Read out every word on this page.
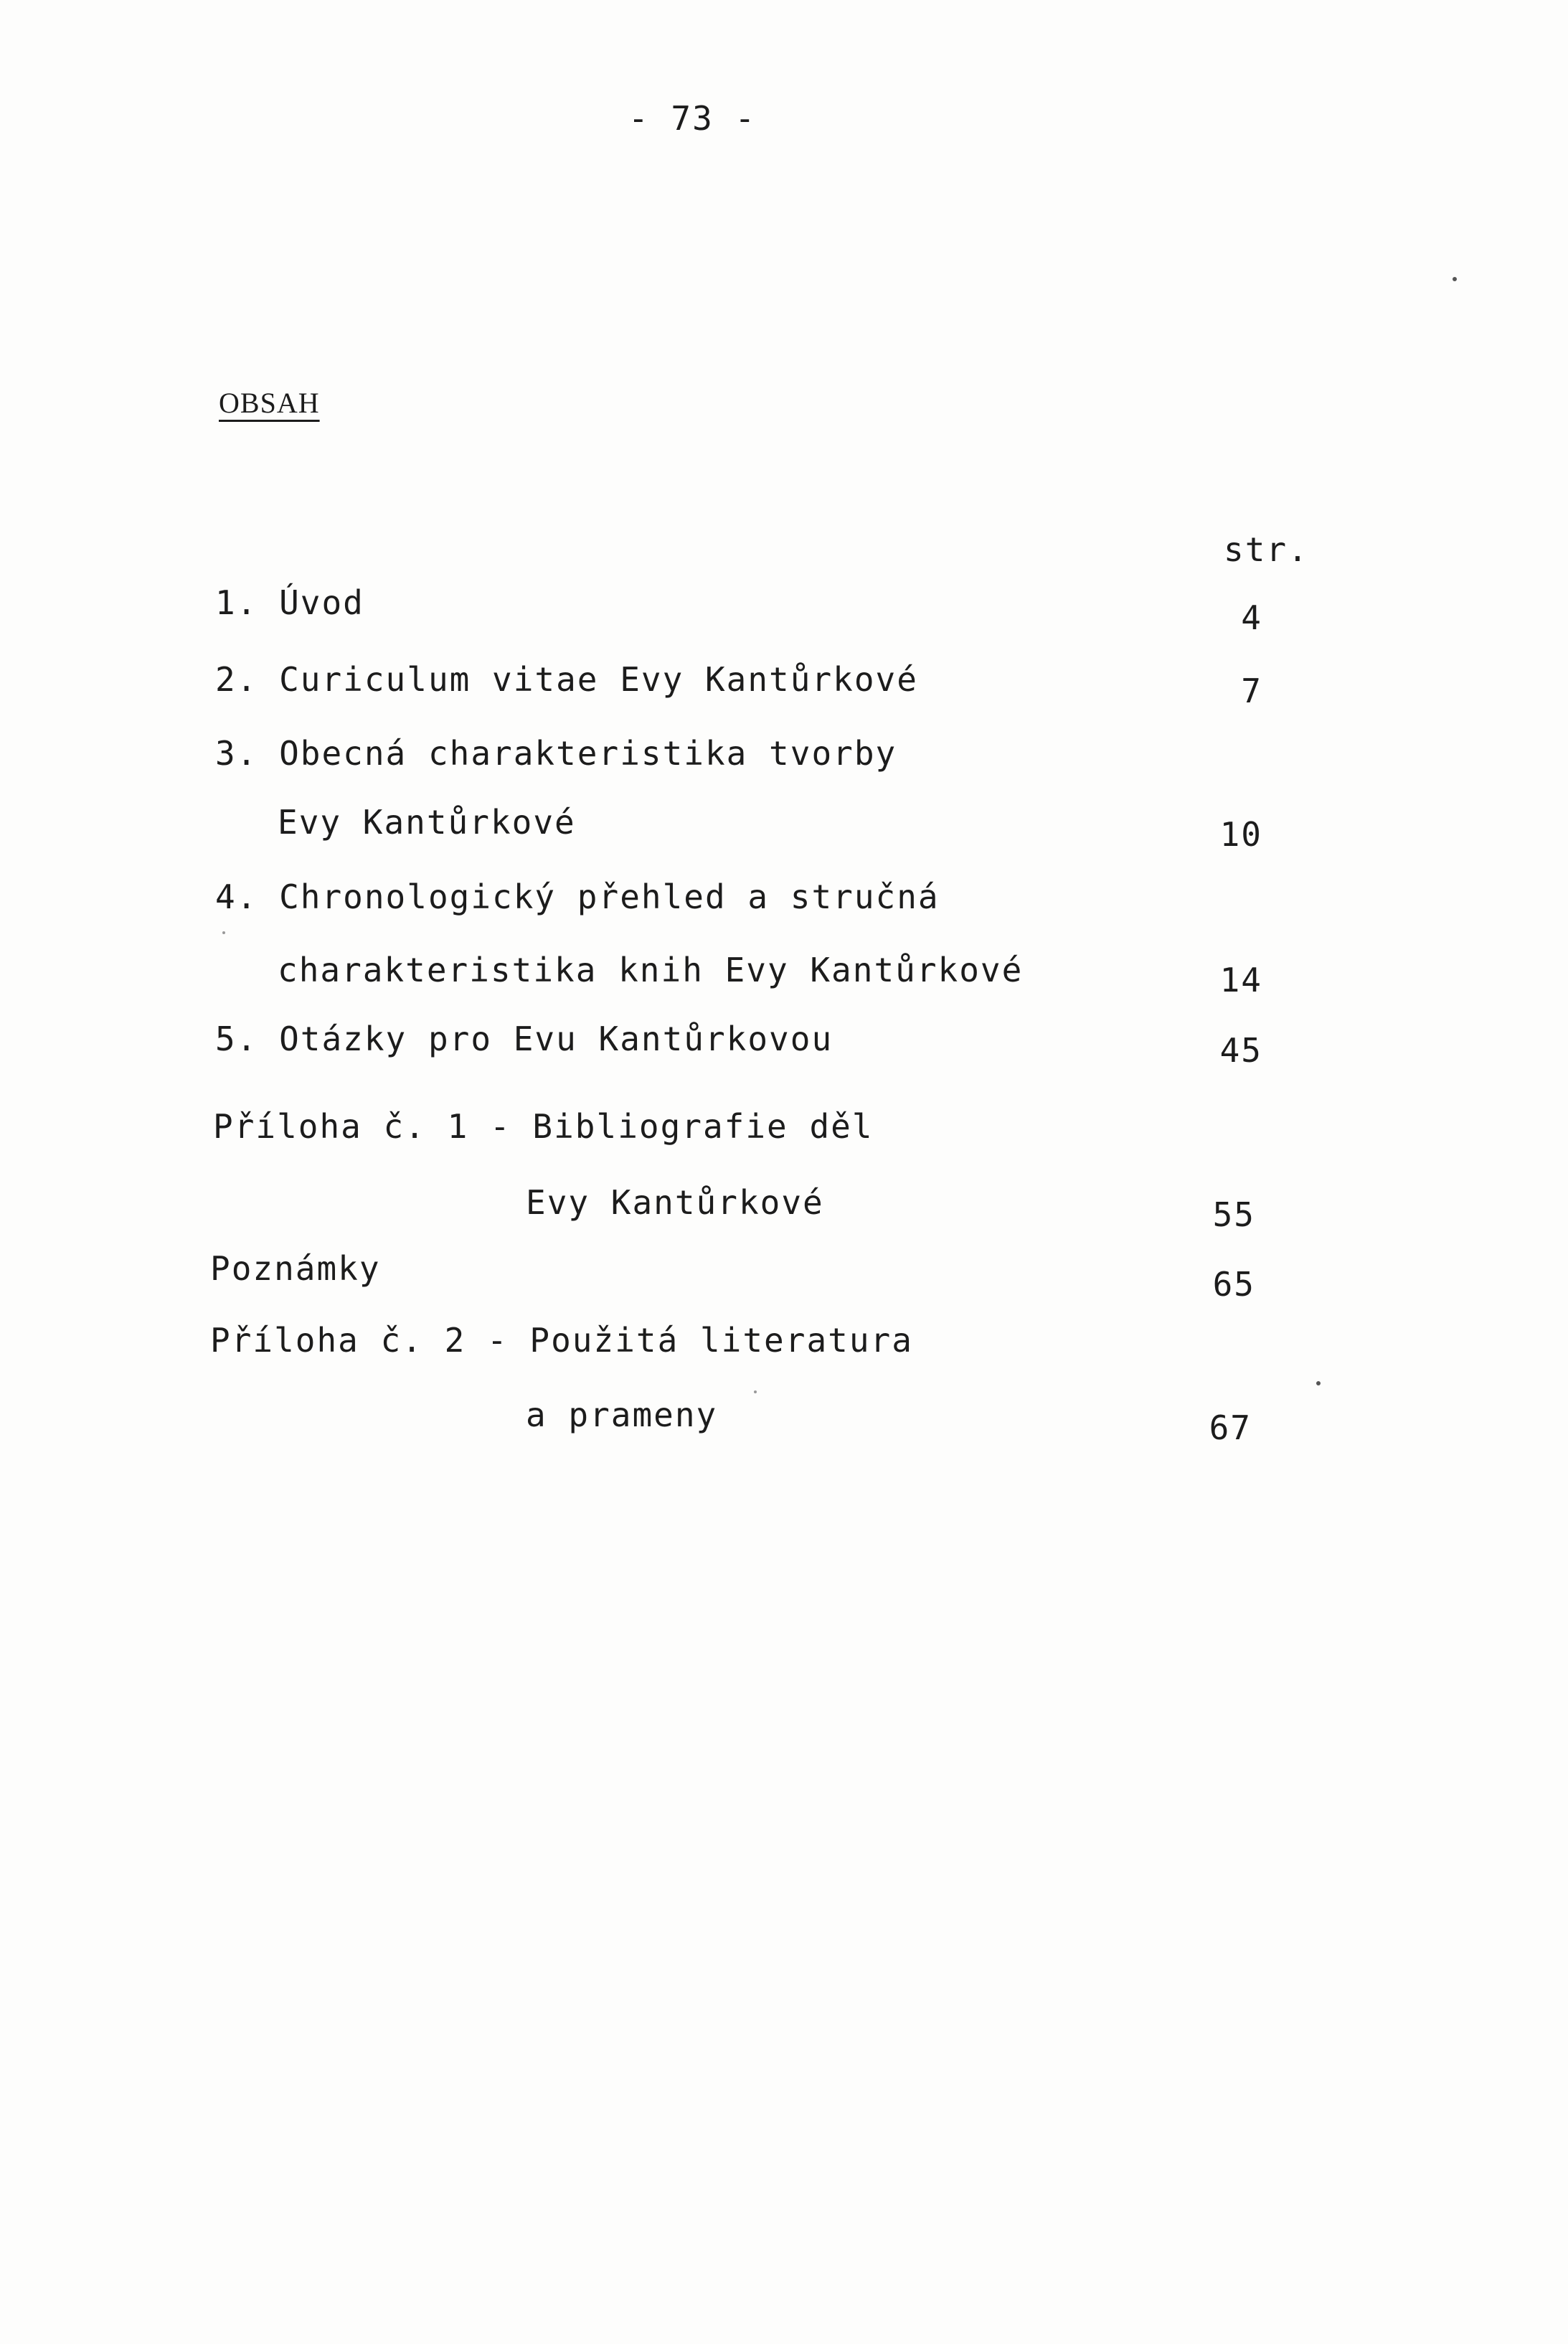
- 73 -
OBSAH
str.
1. Úvod	4
2. Curiculum vitae Evy Kantůrkové	7
3. Obecná charakteristika tvorby
Evy Kantůrkové	10
4. Chronologický přehled a stručná
charakteristika knih Evy Kantůrkové	14
5. Otázky pro Evu Kantůrkovou	45
Příloha č. 1 - Bibliografie děl
Evy Kantůrkové	55
Poznámky	65
Příloha č. 2 - Použitá literatura
a prameny	67
